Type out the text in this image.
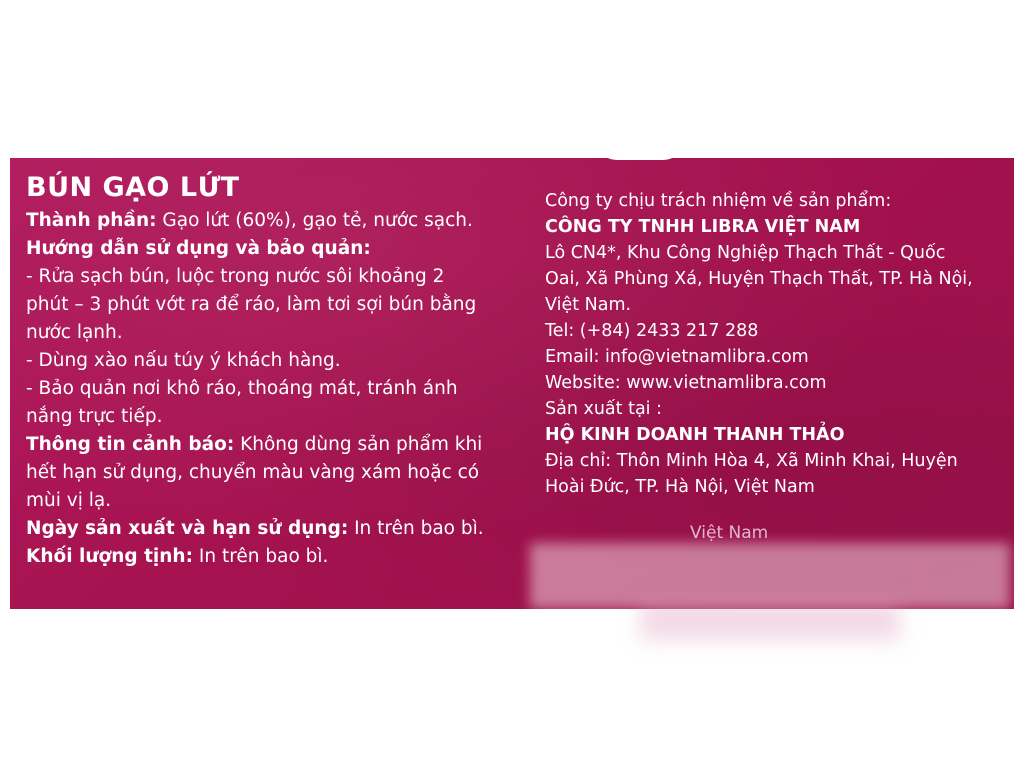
BÚN GẠO LỨT
Thành phần: Gạo lứt (60%), gạo tẻ, nước sạch.
Hướng dẫn sử dụng và bảo quản:
- Rửa sạch bún, luộc trong nước sôi khoảng 2
phút – 3 phút vớt ra để ráo, làm tơi sợi bún bằng
nước lạnh.
- Dùng xào nấu túy ý khách hàng.
- Bảo quản nơi khô ráo, thoáng mát, tránh ánh
nắng trực tiếp.
Thông tin cảnh báo: Không dùng sản phẩm khi
hết hạn sử dụng, chuyển màu vàng xám hoặc có
mùi vị lạ.
Ngày sản xuất và hạn sử dụng: In trên bao bì.
Khối lượng tịnh: In trên bao bì.
Công ty chịu trách nhiệm về sản phẩm:
CÔNG TY TNHH LIBRA VIỆT NAM
Lô CN4*, Khu Công Nghiệp Thạch Thất - Quốc
Oai, Xã Phùng Xá, Huyện Thạch Thất, TP. Hà Nội,
Việt Nam.
Tel: (+84) 2433 217 288
Email: info@vietnamlibra.com
Website: www.vietnamlibra.com
Sản xuất tại :
HỘ KINH DOANH THANH THẢO
Địa chỉ: Thôn Minh Hòa 4, Xã Minh Khai, Huyện
Hoài Đức, TP. Hà Nội, Việt Nam
Việt Nam
